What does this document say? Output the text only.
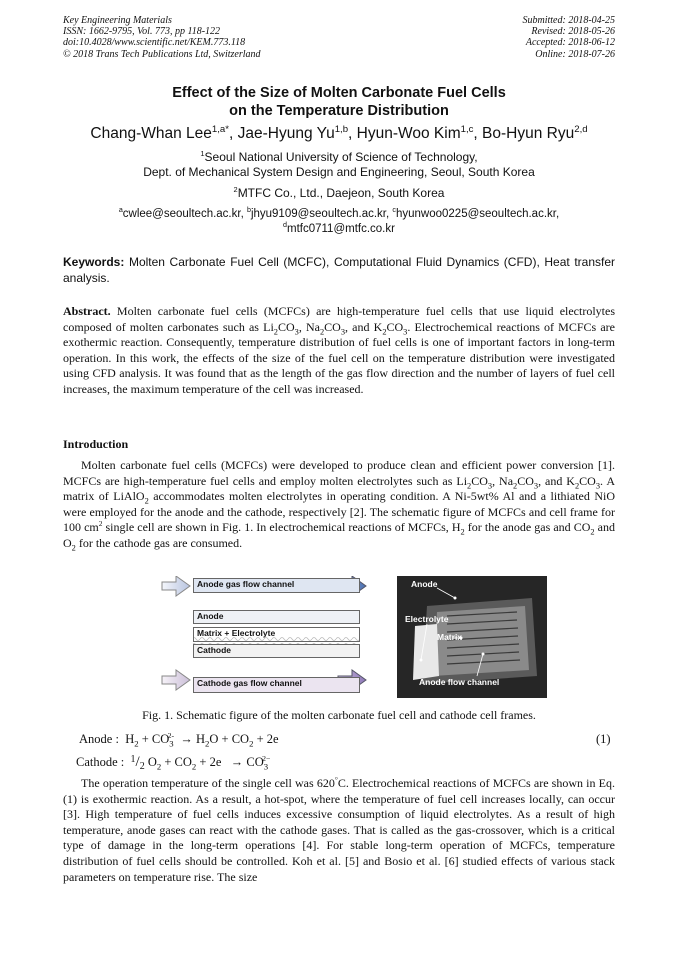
Key Engineering Materials
ISSN: 1662-9795, Vol. 773, pp 118-122
doi:10.4028/www.scientific.net/KEM.773.118
© 2018 Trans Tech Publications Ltd, Switzerland
Submitted: 2018-04-25
Revised: 2018-05-26
Accepted: 2018-06-12
Online: 2018-07-26
Effect of the Size of Molten Carbonate Fuel Cells
on the Temperature Distribution
Chang-Whan Lee$^{1,a*}$, Jae-Hyung Yu$^{1,b}$, Hyun-Woo Kim$^{1,c}$, Bo-Hyun Ryu$^{2,d}$
$^1$Seoul National University of Science of Technology,
Dept. of Mechanical System Design and Engineering, Seoul, South Korea
$^2$MTFC Co., Ltd., Daejeon, South Korea
$^a$cwlee@seoultech.ac.kr, $^b$jhyu9109@seoultech.ac.kr, $^c$hyunwoo0225@seoultech.ac.kr,
$^d$mtfc0711@mtfc.co.kr
Keywords: Molten Carbonate Fuel Cell (MCFC), Computational Fluid Dynamics (CFD), Heat transfer analysis.
Abstract. Molten carbonate fuel cells (MCFCs) are high-temperature fuel cells that use liquid electrolytes composed of molten carbonates such as $Li_2CO_3$, $Na_2CO_3$, and $K_2CO_3$. Electrochemical reactions of MCFCs are exothermic reaction. Consequently, temperature distribution of fuel cells is one of important factors in long-term operation. In this work, the effects of the size of the fuel cell on the temperature distribution were investigated using CFD analysis. It was found that as the length of the gas flow direction and the number of layers of fuel cell increases, the maximum temperature of the cell was increased.
Introduction
Molten carbonate fuel cells (MCFCs) were developed to produce clean and efficient power conversion [1]. MCFCs are high-temperature fuel cells and employ molten electrolytes such as $Li_2CO_3$, $Na_2CO_3$, and $K_2CO_3$. A matrix of LiAlO$_2$ accommodates molten electrolytes in operating condition. A Ni-5wt% Al and a lithiated NiO were employed for the anode and the cathode, respectively [2]. The schematic figure of MCFCs and cell frame for 100 $cm^2$ single cell are shown in Fig. 1. In electrochemical reactions of MCFCs, $H_2$ for the anode gas and $CO_2$ and $O_2$ for the cathode gas are consumed.
Anode gas flow channel
Anode
Matrix + Electrolyte
Cathode
Cathode gas flow channel
Anode
Electrolyte
Matrix
Anode flow channel
Fig. 1. Schematic figure of the molten carbonate fuel cell and cathode cell frames.
Anode : $H_2 + CO_3^{2-} \to H_2O + CO_2 + 2e$	(1)
Cathode : $^1/_2$ $O_2 + CO_2 + 2e \to CO_3^{2-}$
The operation temperature of the single cell was 620°C. Electrochemical reactions of MCFCs are shown in Eq. (1) is exothermic reaction. As a result, a hot-spot, where the temperature of fuel cell increases locally, can occur [3]. High temperature of fuel cells induces excessive consumption of liquid electrolytes. As a result of high temperature, anode gases can react with the cathode gases. That is called as the gas-crossover, which is a critical type of damage in the long-term operations [4]. For stable long-term operation of MCFCs, temperature distribution of fuel cells should be controlled. Koh et al. [5] and Bosio et al. [6] studied effects of various stack parameters on temperature rise. The size
